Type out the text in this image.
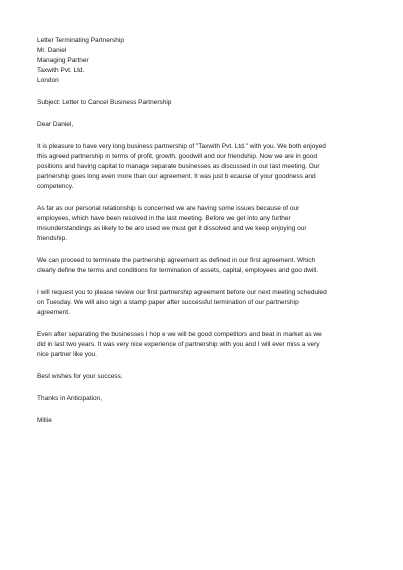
Letter Terminating Partnership
Mr. Daniel
Managing Partner
Taxwith Pvt. Ltd.
London
Subject: Letter to Cancel Business Partnership
Dear Daniel,
It is pleasure to have very long business partnership of "Taxwith Pvt. Ltd." with you. We both enjoyed
this agreed partnership in terms of profit, growth, goodwill and our friendship. Now we are in good
positions and having capital to manage separate businesses as discussed in our last meeting. Our
partnership goes long even more than our agreement. It was just b ecause of your goodness and
competency.
As far as our personal relationship is concerned we are having some issues because of our
employees, which have been resolved in the last meeting. Before we get into any further
misunderstandings as likely to be aro used we must get it dissolved and we keep enjoying our
friendship.
We can proceed to terminate the partnership agreement as defined in our first agreement. Which
clearly define the terms and conditions for termination of assets, capital, employees and goo dwill.
I will request you to please review our first partnership agreement before our next meeting scheduled
on Tuesday. We will also sign a stamp paper after successful termination of our partnership
agreement.
Even after separating the businesses I hop e we will be good competitors and beat in market as we
did in last two years. It was very nice experience of partnership with you and I will ever miss a very
nice partner like you.
Best wishes for your success.
Thanks in Anticipation,
Millie
